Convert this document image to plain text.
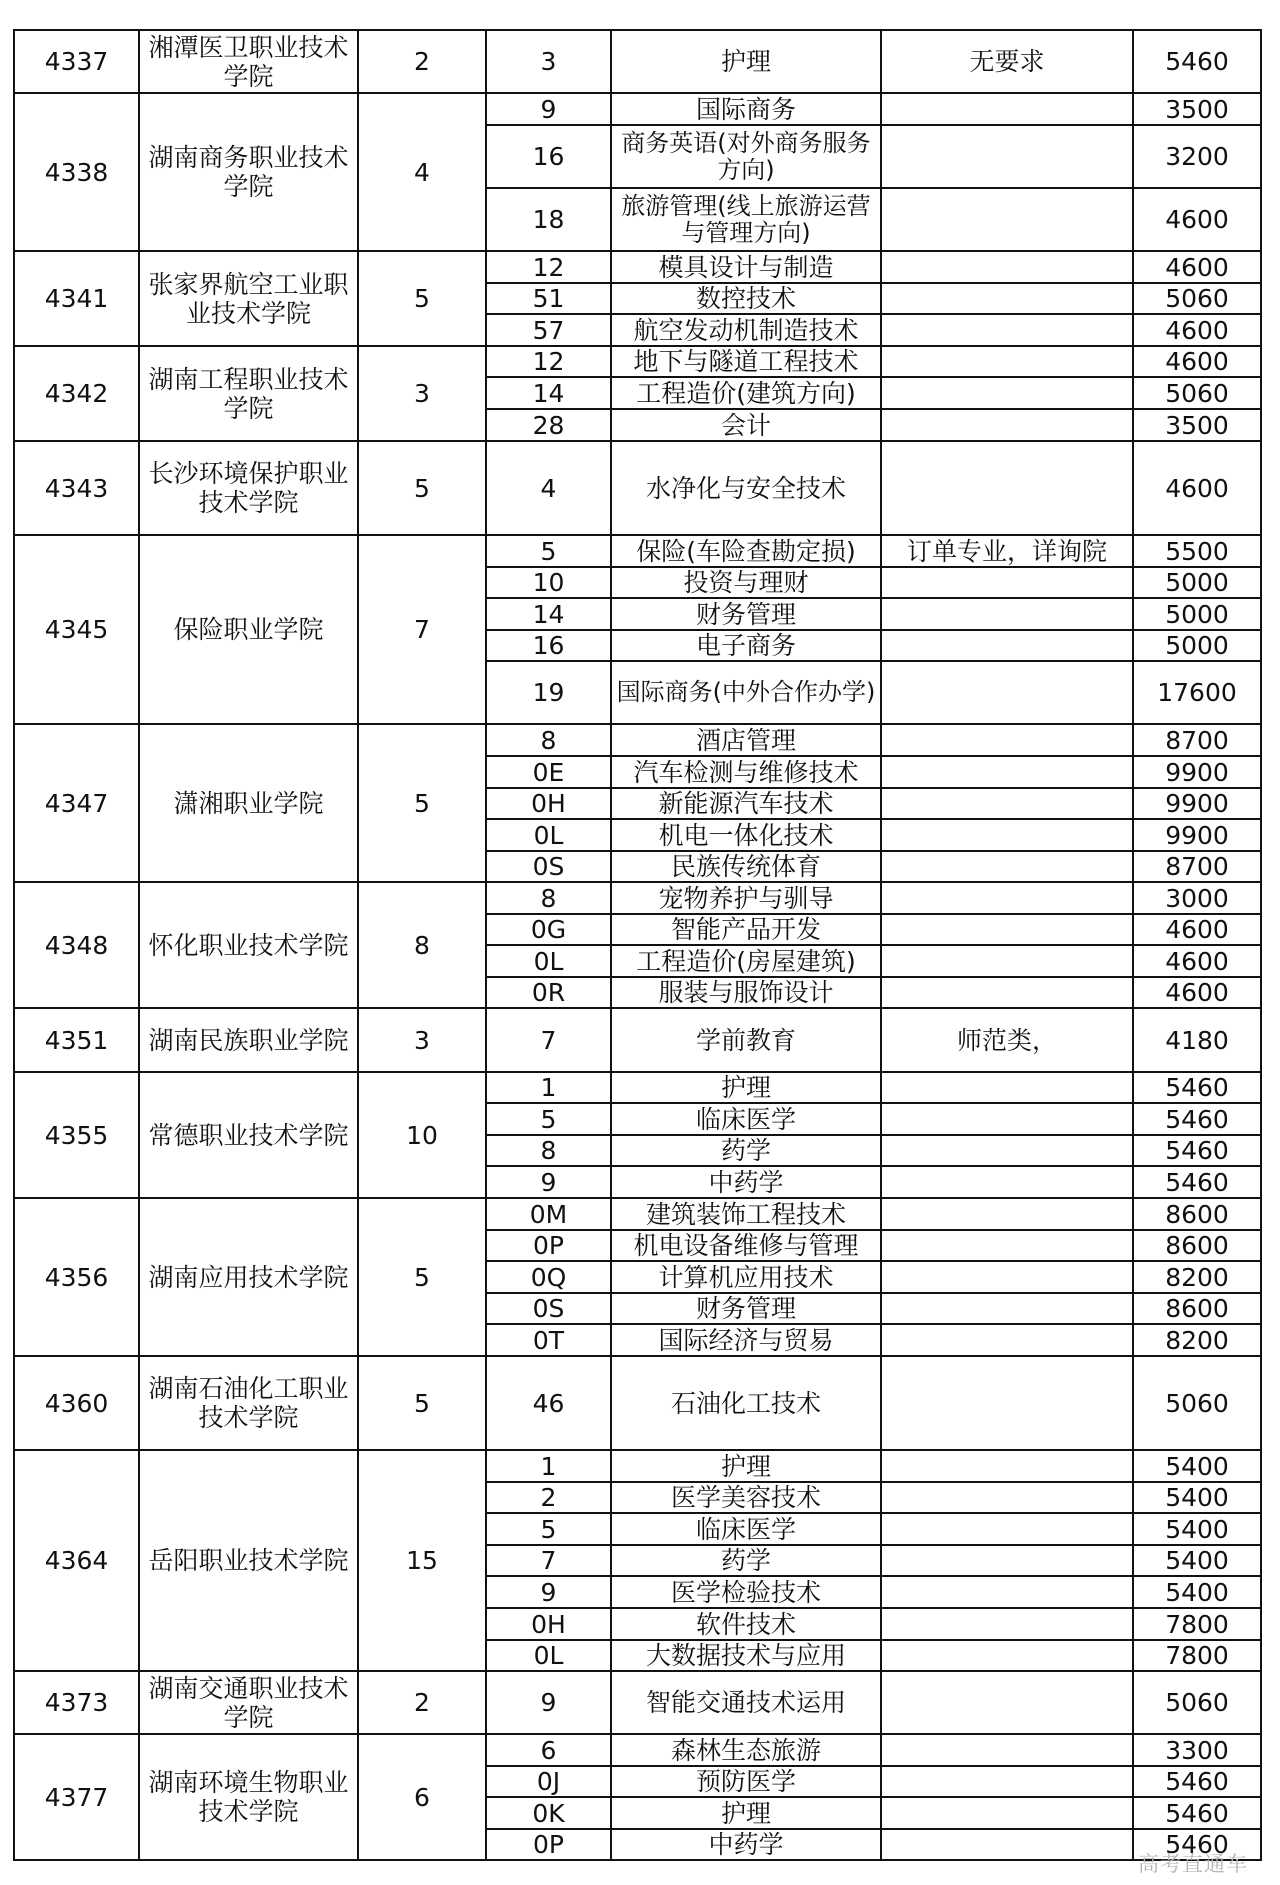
4337	湘潭医卫职业技术学院	2	3	护理	无要求	5460
4338	湖南商务职业技术学院	4	9	国际商务		3500
			16	商务英语(对外商务服务方向)		3200
			18	旅游管理(线上旅游运营与管理方向)		4600
4341	张家界航空工业职业技术学院	5	12	模具设计与制造		4600
			51	数控技术		5060
			57	航空发动机制造技术		4600
4342	湖南工程职业技术学院	3	12	地下与隧道工程技术		4600
			14	工程造价(建筑方向)		5060
			28	会计		3500
4343	长沙环境保护职业技术学院	5	4	水净化与安全技术		4600
4345	保险职业学院	7	5	保险(车险查勘定损)	订单专业，详询院	5500
			10	投资与理财		5000
			14	财务管理		5000
			16	电子商务		5000
			19	国际商务(中外合作办学)		17600
4347	潇湘职业学院	5	8	酒店管理		8700
			0E	汽车检测与维修技术		9900
			0H	新能源汽车技术		9900
			0L	机电一体化技术		9900
			0S	民族传统体育		8700
4348	怀化职业技术学院	8	8	宠物养护与驯导		3000
			0G	智能产品开发		4600
			0L	工程造价(房屋建筑)		4600
			0R	服装与服饰设计		4600
4351	湖南民族职业学院	3	7	学前教育	师范类，	4180
4355	常德职业技术学院	10	1	护理		5460
			5	临床医学		5460
			8	药学		5460
			9	中药学		5460
4356	湖南应用技术学院	5	0M	建筑装饰工程技术		8600
			0P	机电设备维修与管理		8600
			0Q	计算机应用技术		8200
			0S	财务管理		8600
			0T	国际经济与贸易		8200
4360	湖南石油化工职业技术学院	5	46	石油化工技术		5060
4364	岳阳职业技术学院	15	1	护理		5400
			2	医学美容技术		5400
			5	临床医学		5400
			7	药学		5400
			9	医学检验技术		5400
			0H	软件技术		7800
			0L	大数据技术与应用		7800
4373	湖南交通职业技术学院	2	9	智能交通技术运用		5060
4377	湖南环境生物职业技术学院	6	6	森林生态旅游		3300
			0J	预防医学		5460
			0K	护理		5460
			0P	中药学		5460
高考直通车
